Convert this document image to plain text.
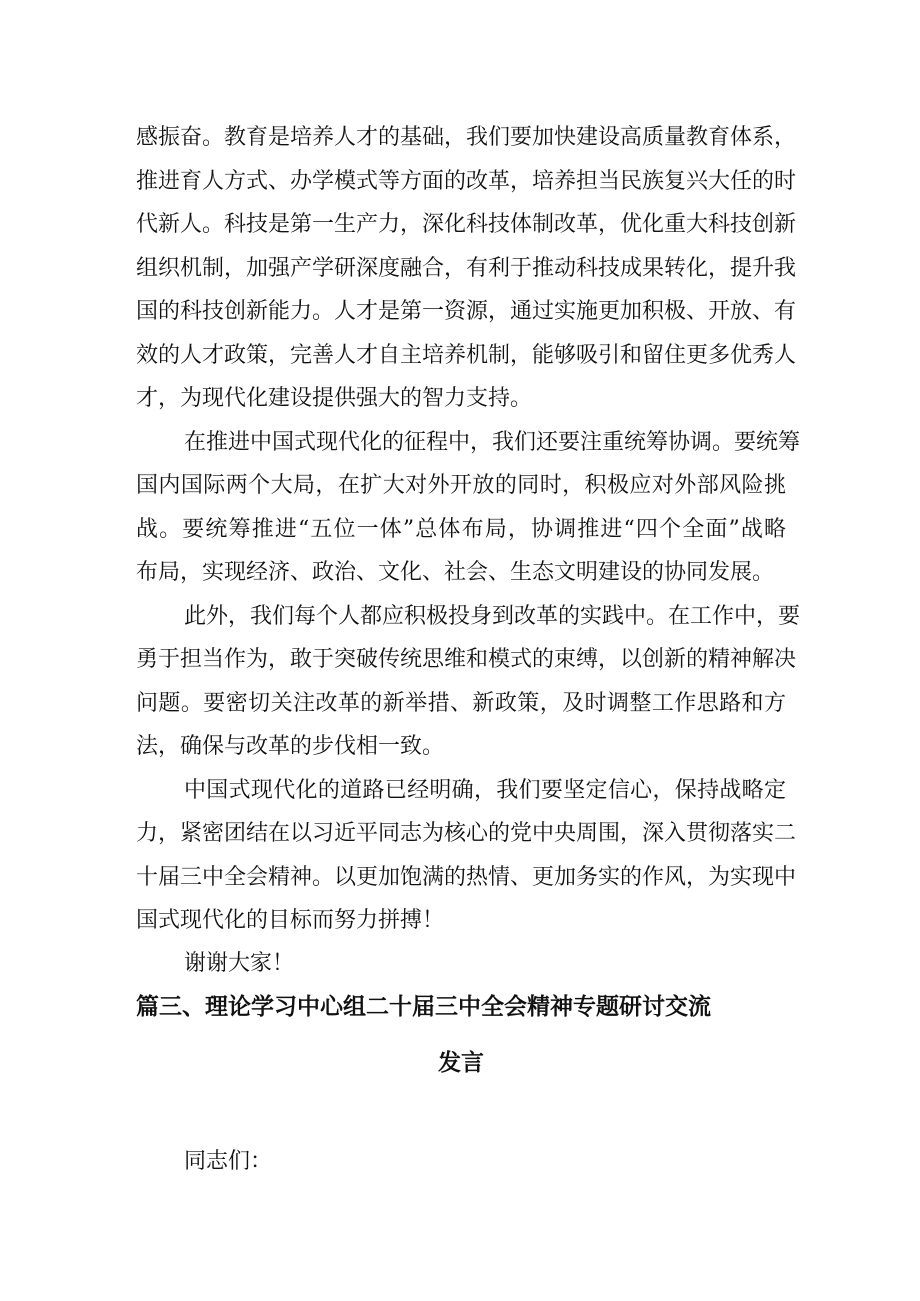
感振奋。教育是培养人才的基础，我们要加快建设高质量教育体系，
推进育人方式、办学模式等方面的改革，培养担当民族复兴大任的时
代新人。科技是第一生产力，深化科技体制改革，优化重大科技创新
组织机制，加强产学研深度融合，有利于推动科技成果转化，提升我
国的科技创新能力。人才是第一资源，通过实施更加积极、开放、有
效的人才政策，完善人才自主培养机制，能够吸引和留住更多优秀人
才，为现代化建设提供强大的智力支持。
在推进中国式现代化的征程中，我们还要注重统筹协调。要统筹
国内国际两个大局，在扩大对外开放的同时，积极应对外部风险挑
战。要统筹推进“五位一体”总体布局，协调推进“四个全面”战略
布局，实现经济、政治、文化、社会、生态文明建设的协同发展。
此外，我们每个人都应积极投身到改革的实践中。在工作中，要
勇于担当作为，敢于突破传统思维和模式的束缚，以创新的精神解决
问题。要密切关注改革的新举措、新政策，及时调整工作思路和方
法，确保与改革的步伐相一致。
中国式现代化的道路已经明确，我们要坚定信心，保持战略定
力，紧密团结在以习近平同志为核心的党中央周围，深入贯彻落实二
十届三中全会精神。以更加饱满的热情、更加务实的作风，为实现中
国式现代化的目标而努力拼搏！
谢谢大家！
篇三、理论学习中心组二十届三中全会精神专题研讨交流
发言
同志们：
